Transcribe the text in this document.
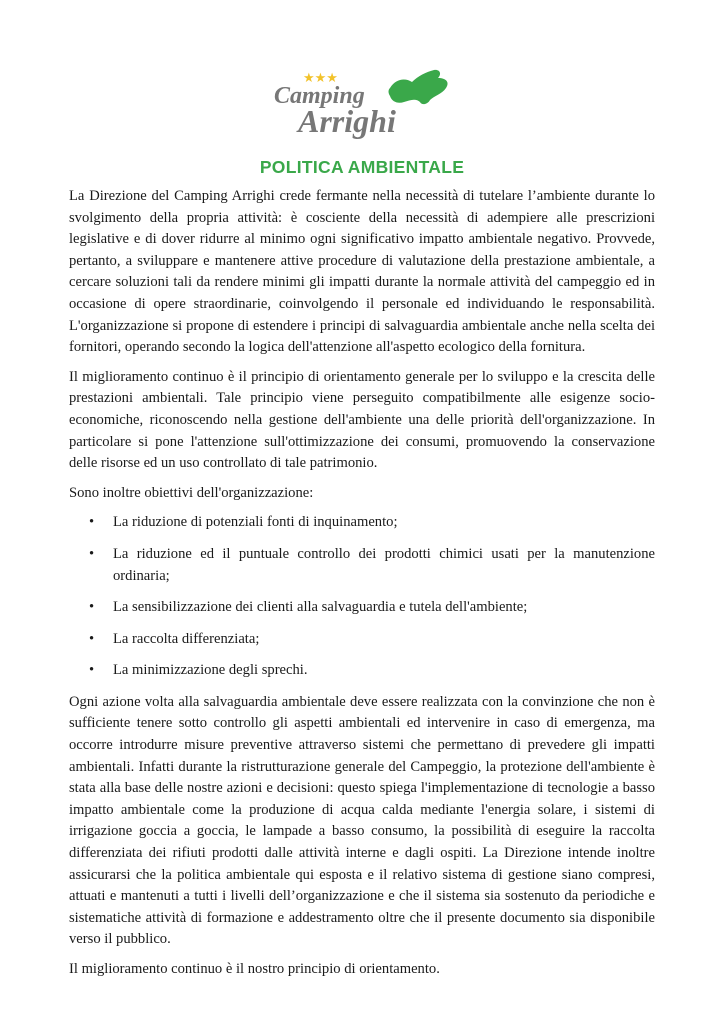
★★★
Camping
Arrighi
POLITICA AMBIENTALE

La Direzione del Camping Arrighi crede fermante nella necessità di tutelare l’ambiente durante lo svolgimento della propria attività: è cosciente della necessità di adempiere alle prescrizioni legislative e di dover ridurre al minimo ogni significativo impatto ambientale negativo. Provvede, pertanto, a sviluppare e mantenere attive procedure di valutazione della prestazione ambientale, a cercare soluzioni tali da rendere minimi gli impatti durante la normale attività del campeggio ed in occasione di opere straordinarie, coinvolgendo il personale ed individuando le responsabilità. L'organizzazione si propone di estendere i principi di salvaguardia ambientale anche nella scelta dei fornitori, operando secondo la logica dell'attenzione all'aspetto ecologico della fornitura.

Il miglioramento continuo è il principio di orientamento generale per lo sviluppo e la crescita delle prestazioni ambientali. Tale principio viene perseguito compatibilmente alle esigenze socio-economiche, riconoscendo nella gestione dell'ambiente una delle priorità dell'organizzazione. In particolare si pone l'attenzione sull'ottimizzazione dei consumi, promuovendo la conservazione delle risorse ed un uso controllato di tale patrimonio.

Sono inoltre obiettivi dell'organizzazione:

• La riduzione di potenziali fonti di inquinamento;
• La riduzione ed il puntuale controllo dei prodotti chimici usati per la manutenzione ordinaria;
• La sensibilizzazione dei clienti alla salvaguardia e tutela dell'ambiente;
• La raccolta differenziata;
• La minimizzazione degli sprechi.

Ogni azione volta alla salvaguardia ambientale deve essere realizzata con la convinzione che non è sufficiente tenere sotto controllo gli aspetti ambientali ed intervenire in caso di emergenza, ma occorre introdurre misure preventive attraverso sistemi che permettano di prevedere gli impatti ambientali. Infatti durante la ristrutturazione generale del Campeggio, la protezione dell'ambiente è stata alla base delle nostre azioni e decisioni: questo spiega l'implementazione di tecnologie a basso impatto ambientale come la produzione di acqua calda mediante l'energia solare, i sistemi di irrigazione goccia a goccia, le lampade a basso consumo, la possibilità di eseguire la raccolta differenziata dei rifiuti prodotti dalle attività interne e dagli ospiti. La Direzione intende inoltre assicurarsi che la politica ambientale qui esposta e il relativo sistema di gestione siano compresi, attuati e mantenuti a tutti i livelli dell’organizzazione e che il sistema sia sostenuto da periodiche e sistematiche attività di formazione e addestramento oltre che il presente documento sia disponibile verso il pubblico.

Il miglioramento continuo è il nostro principio di orientamento.
